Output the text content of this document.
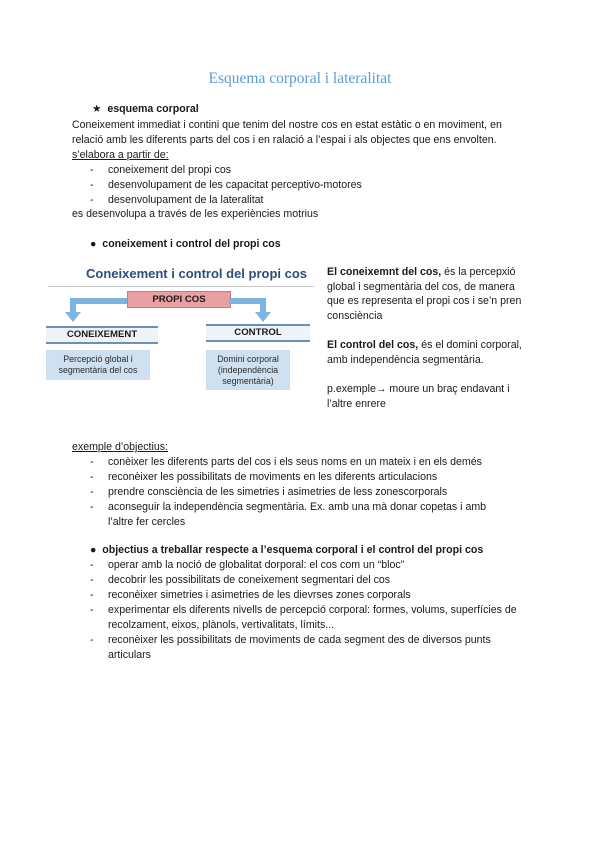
Esquema corporal i lateralitat
★ esquema corporal
Coneixement immediat i contini que tenim del nostre cos en estat estàtic o en moviment, en
relació amb les diferents parts del cos i en ralació a l’espai i als objectes que ens envolten.
s’elabora a partir de:
- coneixement del propi cos
- desenvolupament de les capacitat perceptivo-motores
- desenvolupament de la lateralitat
es desenvolupa a través de les experiències motrius
● coneixement i control del propi cos
Coneixement i control del propi cos
PROPI COS
CONEIXEMENT	CONTROL
Percepció global i segmentària del cos
Domini corporal (independència segmentària)
El coneixemnt del cos, és la percepxió global i segmentària del cos, de manera que es representa el propi cos i se’n pren consciència
El control del cos, és el domini corporal, amb independència segmentària.
p.exemple→ moure un braç endavant i l’altre enrere
exemple d’objectius:
- conèixer les diferents parts del cos i els seus noms en un mateix i en els demés
- reconèixer les possibilitats de moviments en les diferents articulacions
- prendre consciència de les simetries i asimetries de less zonescorporals
- aconseguir la independència segmentària. Ex. amb una mà donar copetas i amb l’altre fer cercles
● objectius a treballar respecte a l’esquema corporal i el control del propi cos
- operar amb la noció de globalitat dorporal: el cos com un “bloc”
- decobrir les possibilitats de coneixement segmentari del cos
- reconèixer simetries i asimetries de les dievrses zones corporals
- experimentar els diferents nivells de percepció corporal: formes, volums, superfícies de recolzament, eixos, plànols, vertivalitats, límits...
- reconèixer les possibilitats de moviments de cada segment des de diversos punts articulars
